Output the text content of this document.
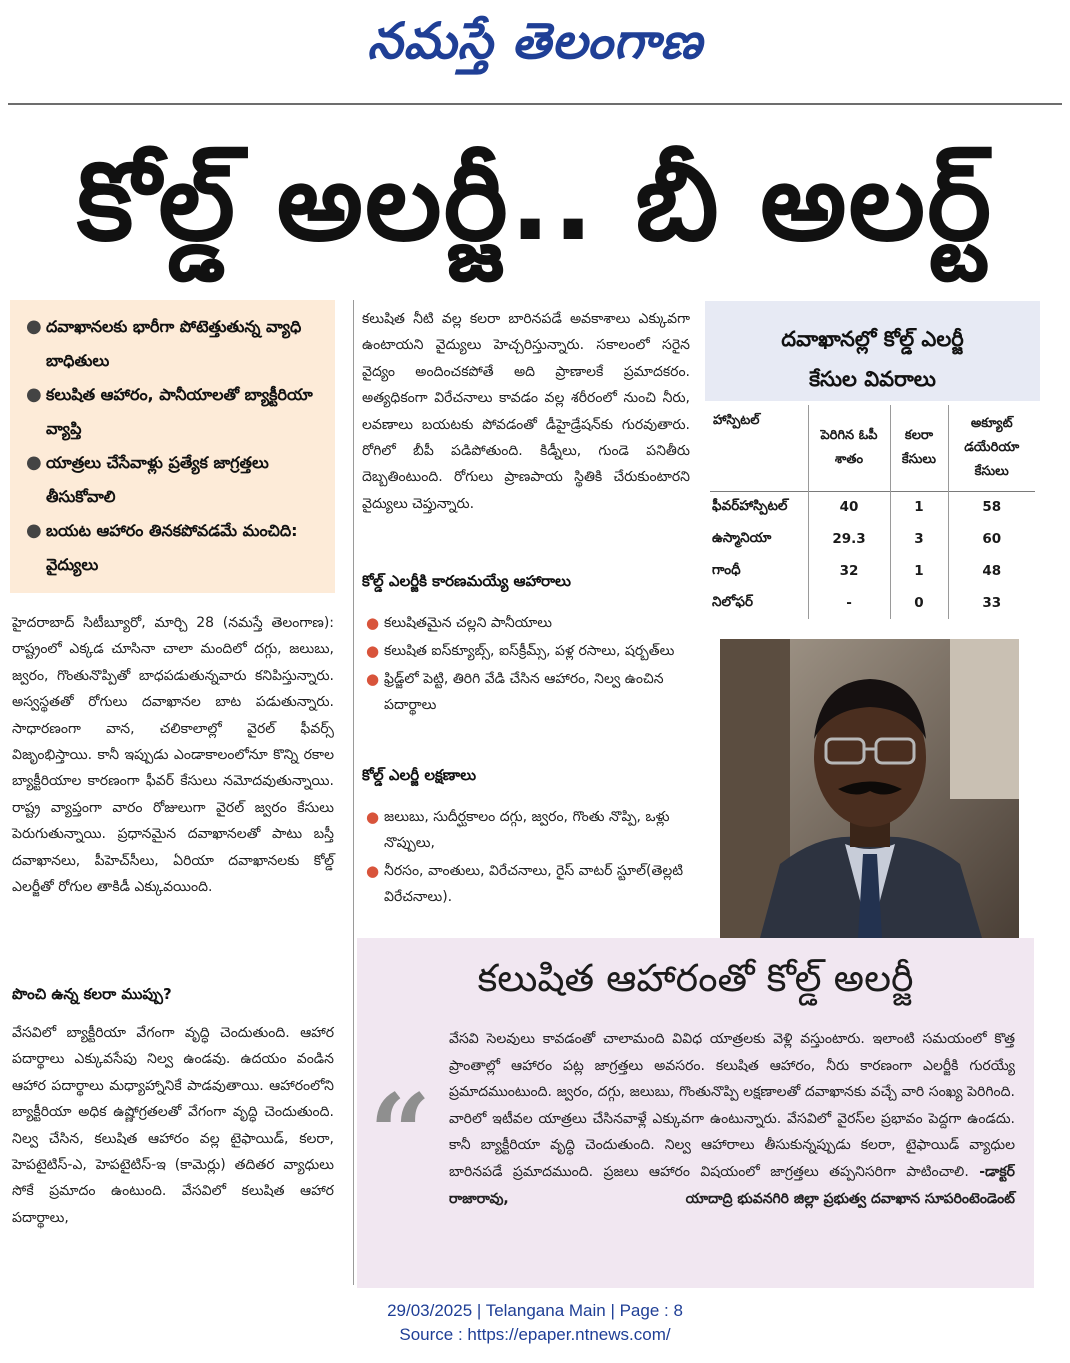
నమస్తే తెలంగాణ
కోల్డ్ అలర్జీ.. బీ అలర్ట్
● దవాఖానలకు భారీగా పోటెత్తుతున్న వ్యాధి బాధితులు
● కలుషిత ఆహారం, పానీయాలతో బ్యాక్టీరియా వ్యాప్తి
● యాత్రలు చేసేవాళ్లు ప్రత్యేక జాగ్రత్తలు తీసుకోవాలి
● బయట ఆహారం తినకపోవడమే మంచిది: వైద్యులు
హైదరాబాద్ సిటీబ్యూరో, మార్చి 28 (నమస్తే తెలంగాణ): రాష్ట్రంలో ఎక్కడ చూసినా చాలా మందిలో దగ్గు, జలుబు, జ్వరం, గొంతునొప్పితో బాధపడుతున్నవారు కనిపిస్తున్నారు. అస్వస్థతతో రోగులు దవాఖానల బాట పడుతున్నారు. సాధారణంగా వాన, చలికాలాల్లో వైరల్ ఫీవర్స్ విజృంభిస్తాయి. కానీ ఇప్పుడు ఎండాకాలంలోనూ కొన్ని రకాల బ్యాక్టీరియాల కారణంగా ఫీవర్ కేసులు నమోదవుతున్నాయి. రాష్ట్ర వ్యాప్తంగా వారం రోజులుగా వైరల్ జ్వరం కేసులు పెరుగుతున్నాయి. ప్రధానమైన దవాఖానలతో పాటు బస్తీ దవాఖానలు, పీహెచ్‌సీలు, ఏరియా దవాఖానలకు కోల్డ్ ఎలర్జీతో రోగుల తాకిడీ ఎక్కువయింది.
పొంచి ఉన్న కలరా ముప్పు?
వేసవిలో బ్యాక్టీరియా వేగంగా వృద్ధి చెందుతుంది. ఆహార పదార్థాలు ఎక్కువసేపు నిల్వ ఉండవు. ఉదయం వండిన ఆహార పదార్థాలు మధ్యాహ్నానికే పాడవుతాయి. ఆహారంలోని బ్యాక్టీరియా అధిక ఉష్ణోగ్రతలతో వేగంగా వృద్ధి చెందుతుంది. నిల్వ చేసిన, కలుషిత ఆహారం వల్ల టైఫాయిడ్, కలరా, హెపటైటిస్-ఎ, హెపటైటిస్-ఇ (కామెర్లు) తదితర వ్యాధులు సోకే ప్రమాదం ఉంటుంది. వేసవిలో కలుషిత ఆహార పదార్థాలు,
కలుషిత నీటి వల్ల కలరా బారినపడే అవకాశాలు ఎక్కువగా ఉంటాయని వైద్యులు హెచ్చరిస్తున్నారు. సకాలంలో సరైన వైద్యం అందించకపోతే అది ప్రాణాలకే ప్రమాదకరం. అత్యధికంగా విరేచనాలు కావడం వల్ల శరీరంలో నుంచి నీరు, లవణాలు బయటకు పోవడంతో డీహైడ్రేషన్‌కు గురవుతారు. రోగిలో బీపీ పడిపోతుంది. కిడ్నీలు, గుండె పనితీరు దెబ్బతింటుంది. రోగులు ప్రాణపాయ స్థితికి చేరుకుంటారని వైద్యులు చెప్తున్నారు.
కోల్డ్ ఎలర్జీకి కారణమయ్యే ఆహారాలు
● కలుషితమైన చల్లని పానీయాలు
● కలుషిత ఐస్‌క్యూబ్స్, ఐస్‌క్రీమ్స్, పళ్ల రసాలు, షర్బత్‌లు
● ఫ్రిడ్జ్‌లో పెట్టి, తిరిగి వేడి చేసిన ఆహారం, నిల్వ ఉంచిన పదార్థాలు
కోల్డ్ ఎలర్జీ లక్షణాలు
● జలుబు, సుదీర్ఘకాలం దగ్గు, జ్వరం, గొంతు నొప్పి, ఒళ్లు నొప్పులు,
● నీరసం, వాంతులు, విరేచనాలు, రైస్ వాటర్ స్టూల్(తెల్లటి విరేచనాలు).
దవాఖానల్లో కోల్డ్ ఎలర్జీ
కేసుల వివరాలు
హాస్పిటల్	పెరిగిన ఓపీ శాతం	కలరా కేసులు	అక్యూట్ డయేరియా కేసులు
ఫీవర్‌హాస్పిటల్	40	1	58
ఉస్మానియా	29.3	3	60
గాంధీ	32	1	48
నిలోఫర్	-	0	33
కలుషిత ఆహారంతో కోల్డ్ అలర్జీ
“
వేసవి సెలవులు కావడంతో చాలామంది వివిధ యాత్రలకు వెళ్లి వస్తుంటారు. ఇలాంటి సమయంలో కొత్త ప్రాంతాల్లో ఆహారం పట్ల జాగ్రత్తలు అవసరం. కలుషిత ఆహారం, నీరు కారణంగా ఎలర్జీకి గురయ్యే ప్రమాదముంటుంది. జ్వరం, దగ్గు, జలుబు, గొంతునొప్పి లక్షణాలతో దవాఖానకు వచ్చే వారి సంఖ్య పెరిగింది. వారిలో ఇటీవల యాత్రలు చేసినవాళ్లే ఎక్కువగా ఉంటున్నారు. వేసవిలో వైరస్‌ల ప్రభావం పెద్దగా ఉండదు. కానీ బ్యాక్టీరియా వృద్ధి చెందుతుంది. నిల్వ ఆహారాలు తీసుకున్నప్పుడు కలరా, టైఫాయిడ్ వ్యాధుల బారినపడే ప్రమాదముంది. ప్రజలు ఆహారం విషయంలో జాగ్రత్తలు తప్పనిసరిగా పాటించాలి. -డాక్టర్ రాజారావు,	యాదాద్రి భువనగిరి జిల్లా ప్రభుత్వ దవాఖాన సూపరింటెండెంట్
29/03/2025 | Telangana Main | Page : 8
Source : https://epaper.ntnews.com/
